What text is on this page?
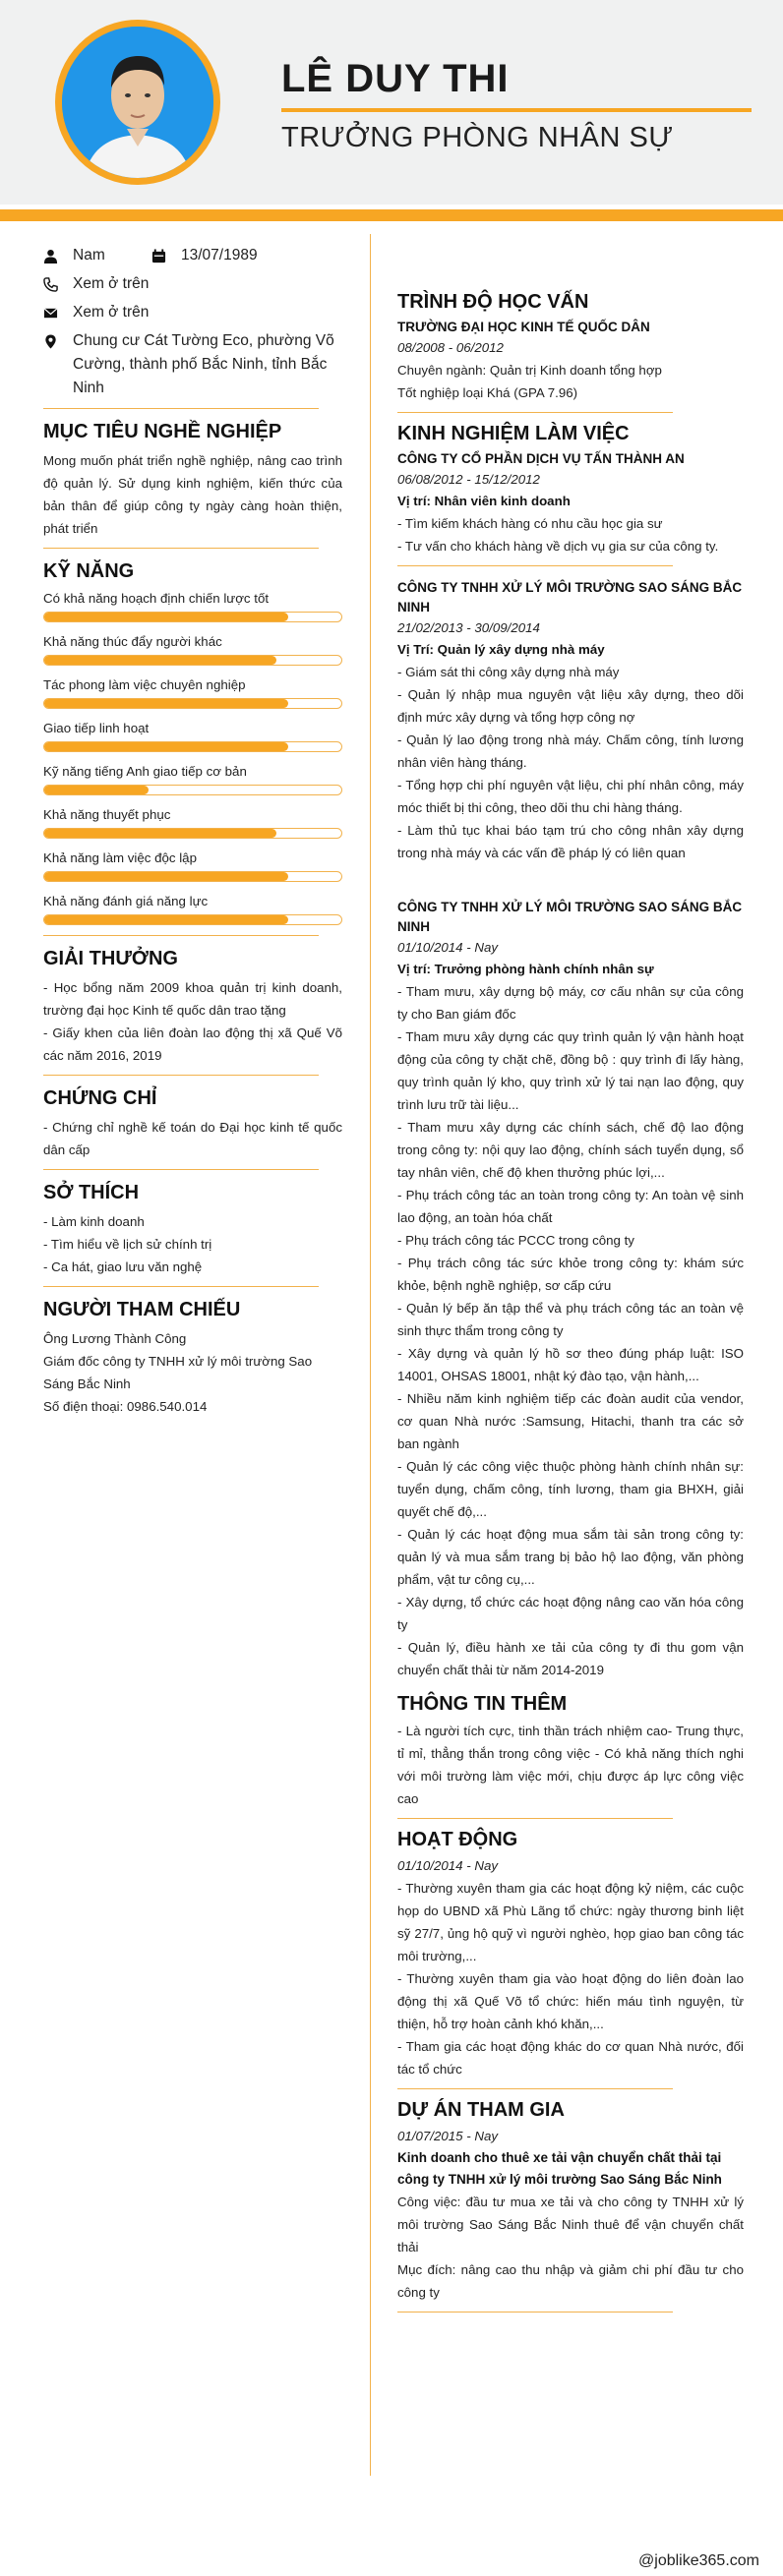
LÊ DUY THI
TRƯỞNG PHÒNG NHÂN SỰ
Nam	13/07/1989
Xem ở trên
Xem ở trên
Chung cư Cát Tường Eco, phường Võ Cường, thành phố Bắc Ninh, tỉnh Bắc Ninh
MỤC TIÊU NGHỀ NGHIỆP
Mong muốn phát triển nghề nghiệp, nâng cao trình độ quản lý. Sử dụng kinh nghiệm, kiến thức của bản thân để giúp công ty ngày càng hoàn thiện, phát triển
KỸ NĂNG
Có khả năng hoạch định chiến lược tốt
Khả năng thúc đẩy người khác
Tác phong làm việc chuyên nghiệp
Giao tiếp linh hoạt
Kỹ năng tiếng Anh giao tiếp cơ bản
Khả năng thuyết phục
Khả năng làm việc độc lập
Khả năng đánh giá năng lực
GIẢI THƯỞNG
- Học bổng năm 2009 khoa quản trị kinh doanh, trường đại học Kinh tế quốc dân trao tặng
- Giấy khen của liên đoàn lao động thị xã Quế Võ các năm 2016, 2019
CHỨNG CHỈ
- Chứng chỉ nghề kế toán do Đại học kinh tế quốc dân cấp
SỞ THÍCH
- Làm kinh doanh
- Tìm hiểu về lịch sử chính trị
- Ca hát, giao lưu văn nghệ
NGƯỜI THAM CHIẾU
Ông Lương Thành Công
Giám đốc công ty TNHH xử lý môi trường Sao Sáng Bắc Ninh
Số điện thoại: 0986.540.014
TRÌNH ĐỘ HỌC VẤN
TRƯỜNG ĐẠI HỌC KINH TẾ QUỐC DÂN
08/2008 - 06/2012
Chuyên ngành: Quản trị Kinh doanh tổng hợp
Tốt nghiệp loại Khá (GPA 7.96)
KINH NGHIỆM LÀM VIỆC
CÔNG TY CỔ PHẦN DỊCH VỤ TẤN THÀNH AN
06/08/2012 - 15/12/2012
Vị trí: Nhân viên kinh doanh
- Tìm kiếm khách hàng có nhu cầu học gia sư
- Tư vấn cho khách hàng về dịch vụ gia sư của công ty.
CÔNG TY TNHH XỬ LÝ MÔI TRƯỜNG SAO SÁNG BẮC NINH
21/02/2013 - 30/09/2014
Vị Trí: Quản lý xây dựng nhà máy
- Giám sát thi công xây dựng nhà máy
- Quản lý nhập mua nguyên vật liệu xây dựng, theo dõi định mức xây dựng và tổng hợp công nợ
- Quản lý lao động trong nhà máy. Chấm công, tính lương nhân viên hàng tháng.
- Tổng hợp chi phí nguyên vật liệu, chi phí nhân công, máy móc thiết bị thi công, theo dõi thu chi hàng tháng.
- Làm thủ tục khai báo tạm trú cho công nhân xây dựng trong nhà máy và các vấn đề pháp lý có liên quan
CÔNG TY TNHH XỬ LÝ MÔI TRƯỜNG SAO SÁNG BẮC NINH
01/10/2014 - Nay
Vị trí: Trưởng phòng hành chính nhân sự
- Tham mưu, xây dựng bộ máy, cơ cấu nhân sự của công ty cho Ban giám đốc
- Tham mưu xây dựng các quy trình quản lý vận hành hoạt động của công ty chặt chẽ, đồng bộ : quy trình đi lấy hàng, quy trình quản lý kho, quy trình xử lý tai nạn lao động, quy trình lưu trữ tài liệu...
- Tham mưu xây dựng các chính sách, chế độ lao động trong công ty: nội quy lao động, chính sách tuyển dụng, sổ tay nhân viên, chế độ khen thưởng phúc lợi,...
- Phụ trách công tác an toàn trong công ty: An toàn vệ sinh lao động, an toàn hóa chất
- Phụ trách công tác PCCC trong công ty
- Phụ trách công tác sức khỏe trong công ty: khám sức khỏe, bệnh nghề nghiệp, sơ cấp cứu
- Quản lý bếp ăn tập thể và phụ trách công tác an toàn vệ sinh thực thẩm trong công ty
- Xây dựng và quản lý hồ sơ theo đúng pháp luật: ISO 14001, OHSAS 18001, nhật ký đào tạo, vận hành,...
- Nhiều năm kinh nghiệm tiếp các đoàn audit của vendor, cơ quan Nhà nước :Samsung, Hitachi, thanh tra các sở ban ngành
- Quản lý các công việc thuộc phòng hành chính nhân sự: tuyển dụng, chấm công, tính lương, tham gia BHXH, giải quyết chế độ,...
- Quản lý các hoạt động mua sắm tài sản trong công ty: quản lý và mua sắm trang bị bảo hộ lao động, văn phòng phẩm, vật tư công cụ,...
- Xây dựng, tổ chức các hoạt động nâng cao văn hóa công ty
- Quản lý, điều hành xe tải của công ty đi thu gom vận chuyển chất thải từ năm 2014-2019
THÔNG TIN THÊM
- Là người tích cực, tinh thần trách nhiệm cao- Trung thực, tỉ mỉ, thẳng thắn trong công việc - Có khả năng thích nghi với môi trường làm việc mới, chịu được áp lực công việc cao
HOẠT ĐỘNG
01/10/2014 - Nay
- Thường xuyên tham gia các hoạt động kỷ niệm, các cuộc họp do UBND xã Phù Lãng tổ chức: ngày thương binh liệt sỹ 27/7, ủng hộ quỹ vì người nghèo, họp giao ban công tác môi trường,...
- Thường xuyên tham gia vào hoạt động do liên đoàn lao động thị xã Quế Võ tổ chức: hiến máu tình nguyện, từ thiện, hỗ trợ hoàn cảnh khó khăn,...
- Tham gia các hoạt động khác do cơ quan Nhà nước, đối tác tổ chức
DỰ ÁN THAM GIA
01/07/2015 - Nay
Kinh doanh cho thuê xe tải vận chuyển chất thải tại công ty TNHH xử lý môi trường Sao Sáng Bắc Ninh
Công việc: đầu tư mua xe tải và cho công ty TNHH xử lý môi trường Sao Sáng Bắc Ninh thuê để vận chuyển chất thải
Mục đích: nâng cao thu nhập và giảm chi phí đầu tư cho công ty
@joblike365.com
